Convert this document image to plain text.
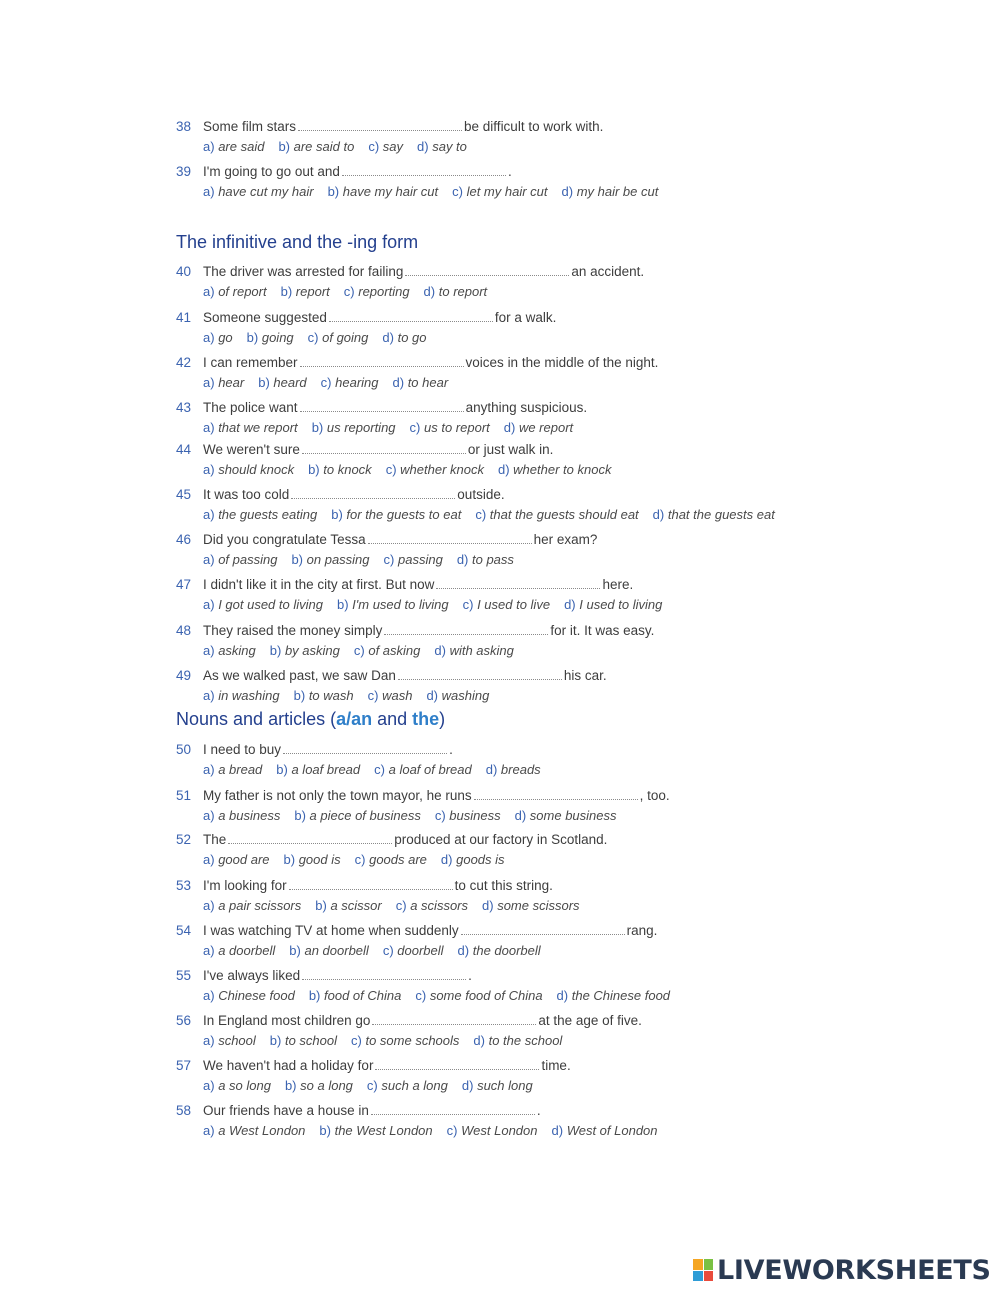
38 Some film stars	be difficult to work with.
a) are said b) are said to c) say d) say to
39 I'm going to go out and	.
a) have cut my hair b) have my hair cut c) let my hair cut d) my hair be cut
40 The driver was arrested for failing	an accident.
a) of report b) report c) reporting d) to report
41 Someone suggested	for a walk.
a) go b) going c) of going d) to go
42 I can remember	voices in the middle of the night.
a) hear b) heard c) hearing d) to hear
43 The police want	anything suspicious.
a) that we report b) us reporting c) us to report d) we report
44 We weren't sure	or just walk in.
a) should knock b) to knock c) whether knock d) whether to knock
45 It was too cold	outside.
a) the guests eating b) for the guests to eat c) that the guests should eat d) that the guests eat
46 Did you congratulate Tessa	her exam?
a) of passing b) on passing c) passing d) to pass
47 I didn't like it in the city at first. But now	here.
a) I got used to living b) I'm used to living c) I used to live d) I used to living
48 They raised the money simply	for it. It was easy.
a) asking b) by asking c) of asking d) with asking
49 As we walked past, we saw Dan	his car.
a) in washing b) to wash c) wash d) washing
50 I need to buy	.
a) a bread b) a loaf bread c) a loaf of bread d) breads
51 My father is not only the town mayor, he runs	, too.
a) a business b) a piece of business c) business d) some business
52 The	produced at our factory in Scotland.
a) good are b) good is c) goods are d) goods is
53 I'm looking for	to cut this string.
a) a pair scissors b) a scissor c) a scissors d) some scissors
54 I was watching TV at home when suddenly	rang.
a) a doorbell b) an doorbell c) doorbell d) the doorbell
55 I've always liked	.
a) Chinese food b) food of China c) some food of China d) the Chinese food
56 In England most children go	at the age of five.
a) school b) to school c) to some schools d) to the school
57 We haven't had a holiday for	time.
a) a so long b) so a long c) such a long d) such long
58 Our friends have a house in	.
a) a West London b) the West London c) West London d) West of London
The infinitive and the -ing form
Nouns and articles (a/an and the)
LIVEWORKSHEETS
